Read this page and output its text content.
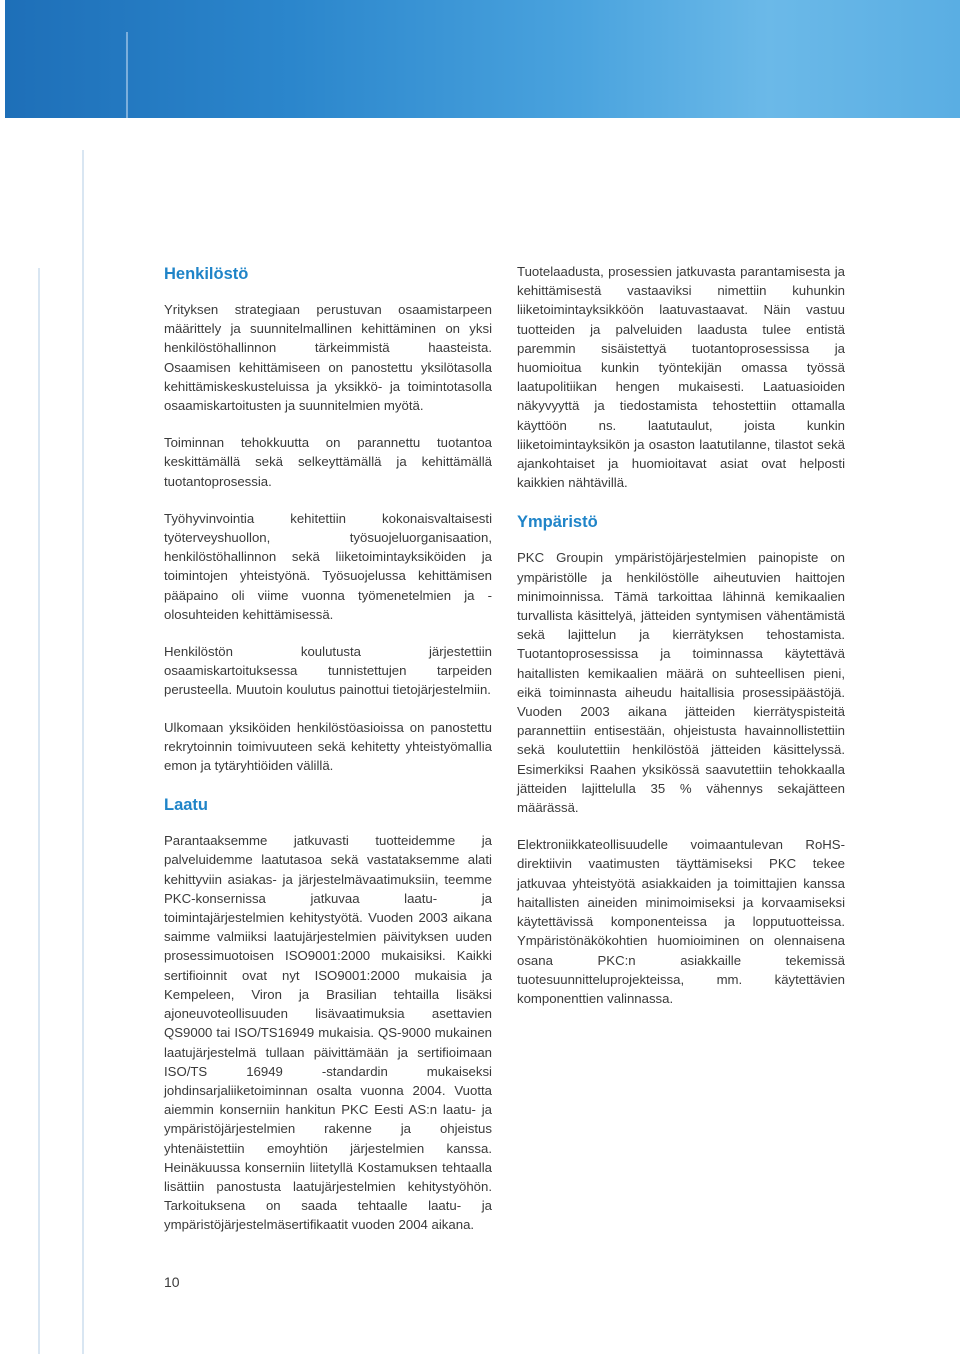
Henkilöstö

Yrityksen strategiaan perustuvan osaamistarpeen määrittely ja suunnitelmallinen kehittäminen on yksi henkilöstöhallinnon tärkeimmistä haasteista. Osaamisen kehittämiseen on panostettu yksilötasolla kehittämiskeskusteluissa ja yksikkö- ja toimintotasolla osaamiskartoitusten ja suunnitelmien myötä.

Toiminnan tehokkuutta on parannettu tuotantoa keskittämällä sekä selkeyttämällä ja kehittämällä tuotantoprosessia.

Työhyvinvointia kehitettiin kokonaisvaltaisesti työterveyshuollon, työsuojeluorganisaation, henkilöstöhallinnon sekä liiketoimintayksiköiden ja toimintojen yhteistyönä. Työsuojelussa kehittämisen pääpaino oli viime vuonna työmenetelmien ja -olosuhteiden kehittämisessä.

Henkilöstön koulutusta järjestettiin osaamiskartoituksessa tunnistettujen tarpeiden perusteella. Muutoin koulutus painottui tietojärjestelmiin.

Ulkomaan yksiköiden henkilöstöasioissa on panostettu rekrytoinnin toimivuuteen sekä kehitetty yhteistyömallia emon ja tytäryhtiöiden välillä.

Laatu

Parantaaksemme jatkuvasti tuotteidemme ja palveluidemme laatutasoa sekä vastataksemme alati kehittyviin asiakas- ja järjestelmävaatimuksiin, teemme PKC-konsernissa jatkuvaa laatu- ja toimintajärjestelmien kehitystyötä. Vuoden 2003 aikana saimme valmiiksi laatujärjestelmien päivityksen uuden prosessimuotoisen ISO9001:2000 mukaisiksi. Kaikki sertifioinnit ovat nyt ISO9001:2000 mukaisia ja Kempeleen, Viron ja Brasilian tehtailla lisäksi ajoneuvoteollisuuden lisävaatimuksia asettavien QS9000 tai ISO/TS16949 mukaisia. QS-9000 mukainen laatujärjestelmä tullaan päivittämään ja sertifioimaan ISO/TS 16949 -standardin mukaiseksi johdinsarjaliiketoiminnan osalta vuonna 2004. Vuotta aiemmin konserniin hankitun PKC Eesti AS:n laatu- ja ympäristöjärjestelmien rakenne ja ohjeistus yhtenäistettiin emoyhtiön järjestelmien kanssa. Heinäkuussa konserniin liitetyllä Kostamuksen tehtaalla lisättiin panostusta laatujärjestelmien kehitystyöhön. Tarkoituksena on saada tehtaalle laatu- ja ympäristöjärjestelmäsertifikaatit vuoden 2004 aikana.

Tuotelaadusta, prosessien jatkuvasta parantamisesta ja kehittämisestä vastaaviksi nimettiin kuhunkin liiketoimintayksikköön laatuvastaavat. Näin vastuu tuotteiden ja palveluiden laadusta tulee entistä paremmin sisäistettyä tuotantoprosessissa ja huomioitua kunkin työntekijän omassa työssä laatupolitiikan hengen mukaisesti. Laatuasioiden näkyvyyttä ja tiedostamista tehostettiin ottamalla käyttöön ns. laatutaulut, joista kunkin liiketoimintayksikön ja osaston laatutilanne, tilastot sekä ajankohtaiset ja huomioitavat asiat ovat helposti kaikkien nähtävillä.

Ympäristö

PKC Groupin ympäristöjärjestelmien painopiste on ympäristölle ja henkilöstölle aiheutuvien haittojen minimoinnissa. Tämä tarkoittaa lähinnä kemikaalien turvallista käsittelyä, jätteiden syntymisen vähentämistä sekä lajittelun ja kierrätyksen tehostamista. Tuotantoprosessissa ja toiminnassa käytettävä haitallisten kemikaalien määrä on suhteellisen pieni, eikä toiminnasta aiheudu haitallisia prosessipäästöjä. Vuoden 2003 aikana jätteiden kierrätyspisteitä parannettiin entisestään, ohjeistusta havainnollistettiin sekä koulutettiin henkilöstöä jätteiden käsittelyssä. Esimerkiksi Raahen yksikössä saavutettiin tehokkaalla jätteiden lajittelulla 35 % vähennys sekajätteen määrässä.

Elektroniikkateollisuudelle voimaantulevan RoHS-direktiivin vaatimusten täyttämiseksi PKC tekee jatkuvaa yhteistyötä asiakkaiden ja toimittajien kanssa haitallisten aineiden minimoimiseksi ja korvaamiseksi käytettävissä komponenteissa ja lopputuotteissa. Ympäristönäkökohtien huomioiminen on olennaisena osana PKC:n asiakkaille tekemissä tuotesuunnitteluprojekteissa, mm. käytettävien komponenttien valinnassa.

10
